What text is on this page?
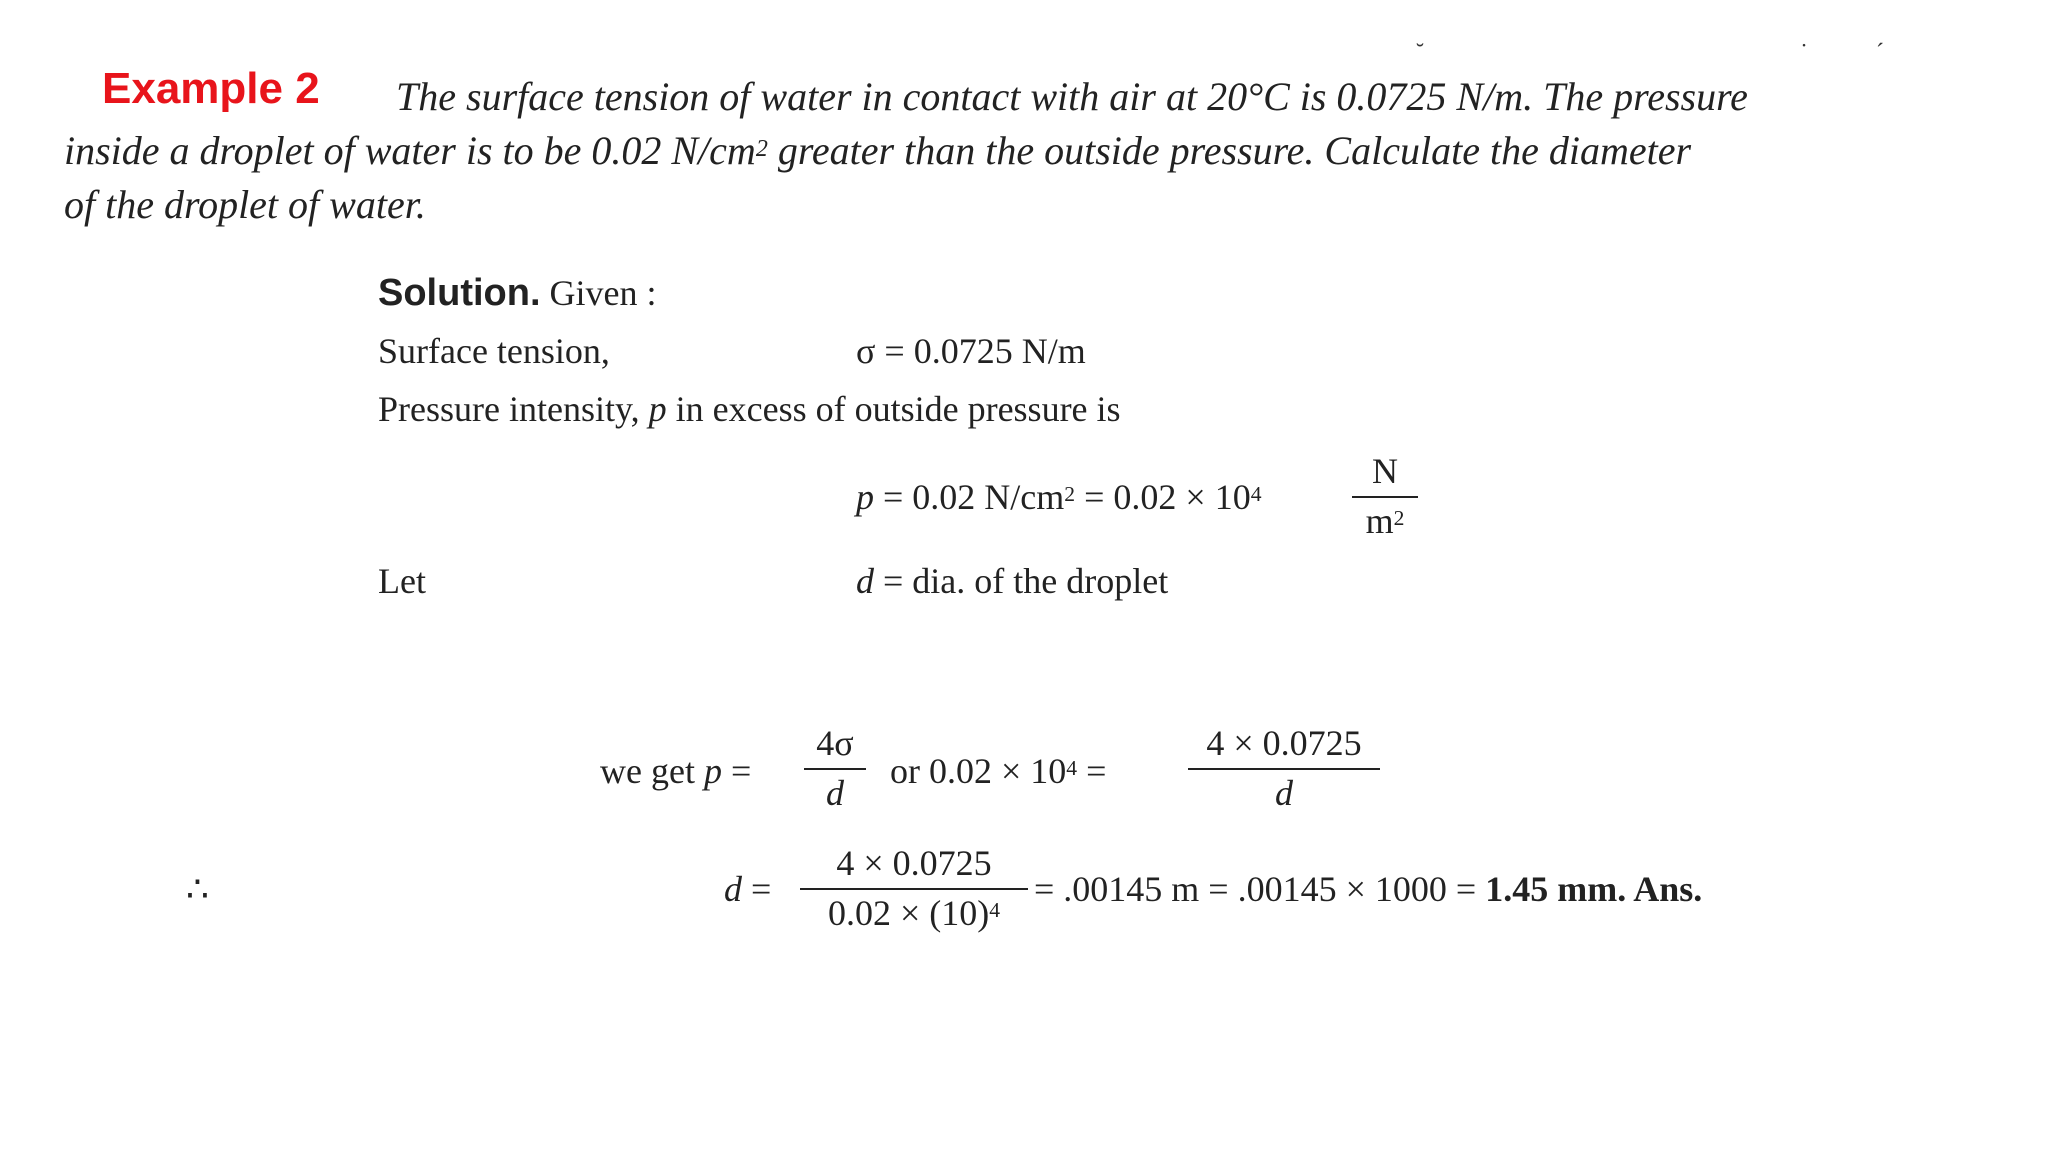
Example 2
˘	˙	ˊ
The surface tension of water in contact with air at 20°C is 0.0725 N/m. The pressure
inside a droplet of water is to be 0.02 $N/cm^2$ greater than the outside pressure. Calculate the diameter
of the droplet of water.
Solution. Given :
Surface tension,	σ = 0.0725 N/m
Pressure intensity, p in excess of outside pressure is
p = 0.02 $N/cm^2 = 0.02 \times 10^4$
N
$m^2$
Let	d = dia. of the droplet
we get p =
4σ
d
or $0.02 \times 10^4$ =
4 × 0.0725
d
∴	d =
4 × 0.0725
$0.02 \times (10)^4$
= .00145 m = .00145 × 1000 = 1.45 mm. Ans.
